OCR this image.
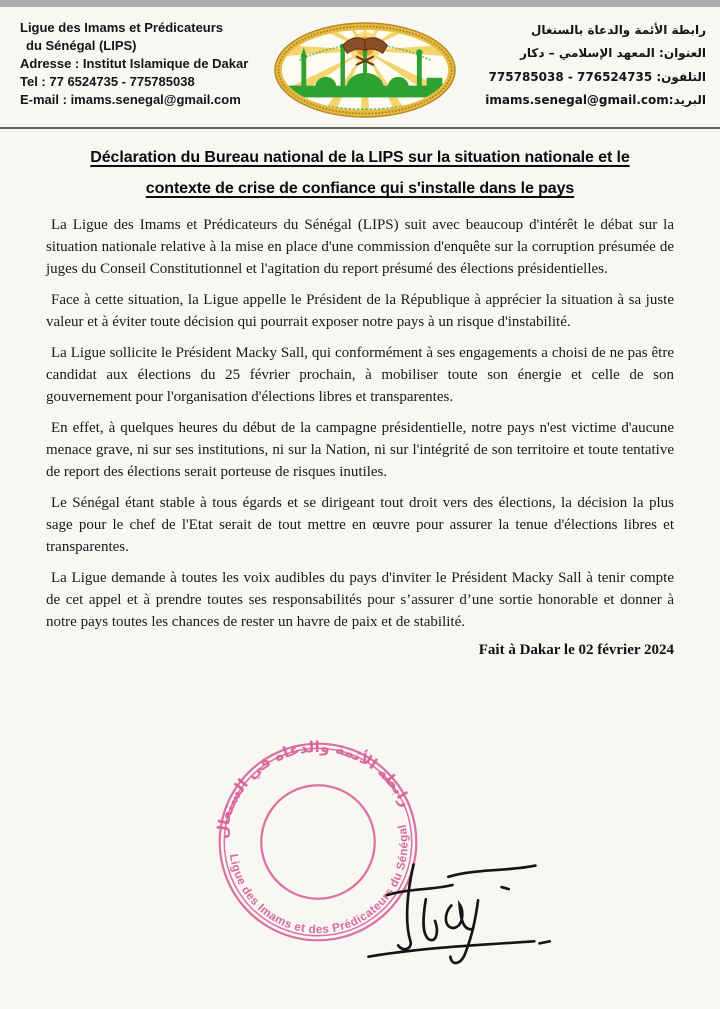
Ligue des Imams et Prédicateurs
du Sénégal (LIPS)
Adresse : Institut Islamique de Dakar
Tel : 77 6524735 - 775785038
E-mail : imams.senegal@gmail.com
رابطة الأئمة والدعاة بالسنغال
العنوان: المعهد الإسلامي – دكار
التلفون: 775785038 - 776524735
البريد:imams.senegal@gmail.com
Déclaration du Bureau national de la LIPS sur la situation nationale et le
contexte de crise de confiance qui s'installe dans le pays

La Ligue des Imams et Prédicateurs du Sénégal (LIPS) suit avec beaucoup d'intérêt le débat sur la situation nationale relative à la mise en place d'une commission d'enquête sur la corruption présumée de juges du Conseil Constitutionnel et l'agitation du report présumé des élections présidentielles.

Face à cette situation, la Ligue appelle le Président de la République à apprécier la situation à sa juste valeur et à éviter toute décision qui pourrait exposer notre pays à un risque d'instabilité.

La Ligue sollicite le Président Macky Sall, qui conformément à ses engagements a choisi de ne pas être candidat aux élections du 25 février prochain, à mobiliser toute son énergie et celle de son gouvernement pour l'organisation d'élections libres et transparentes.

En effet, à quelques heures du début de la campagne présidentielle, notre pays n'est victime d'aucune menace grave, ni sur ses institutions, ni sur la Nation, ni sur l'intégrité de son territoire et toute tentative de report des élections serait porteuse de risques inutiles.

Le Sénégal étant stable à tous égards et se dirigeant tout droit vers des élections, la décision la plus sage pour le chef de l'Etat serait de tout mettre en œuvre pour assurer la tenue d'élections libres et transparentes.

La Ligue demande à toutes les voix audibles du pays d'inviter le Président Macky Sall à tenir compte de cet appel et à prendre toutes ses responsabilités pour s’assurer d’une sortie honorable et donner à notre pays toutes les chances de rester un havre de paix et de stabilité.

Fait à Dakar le 02 février 2024
رابطة الأئمة والدعاة في السنغال
Ligue des Imams et des Prédicateurs du Sénégal
